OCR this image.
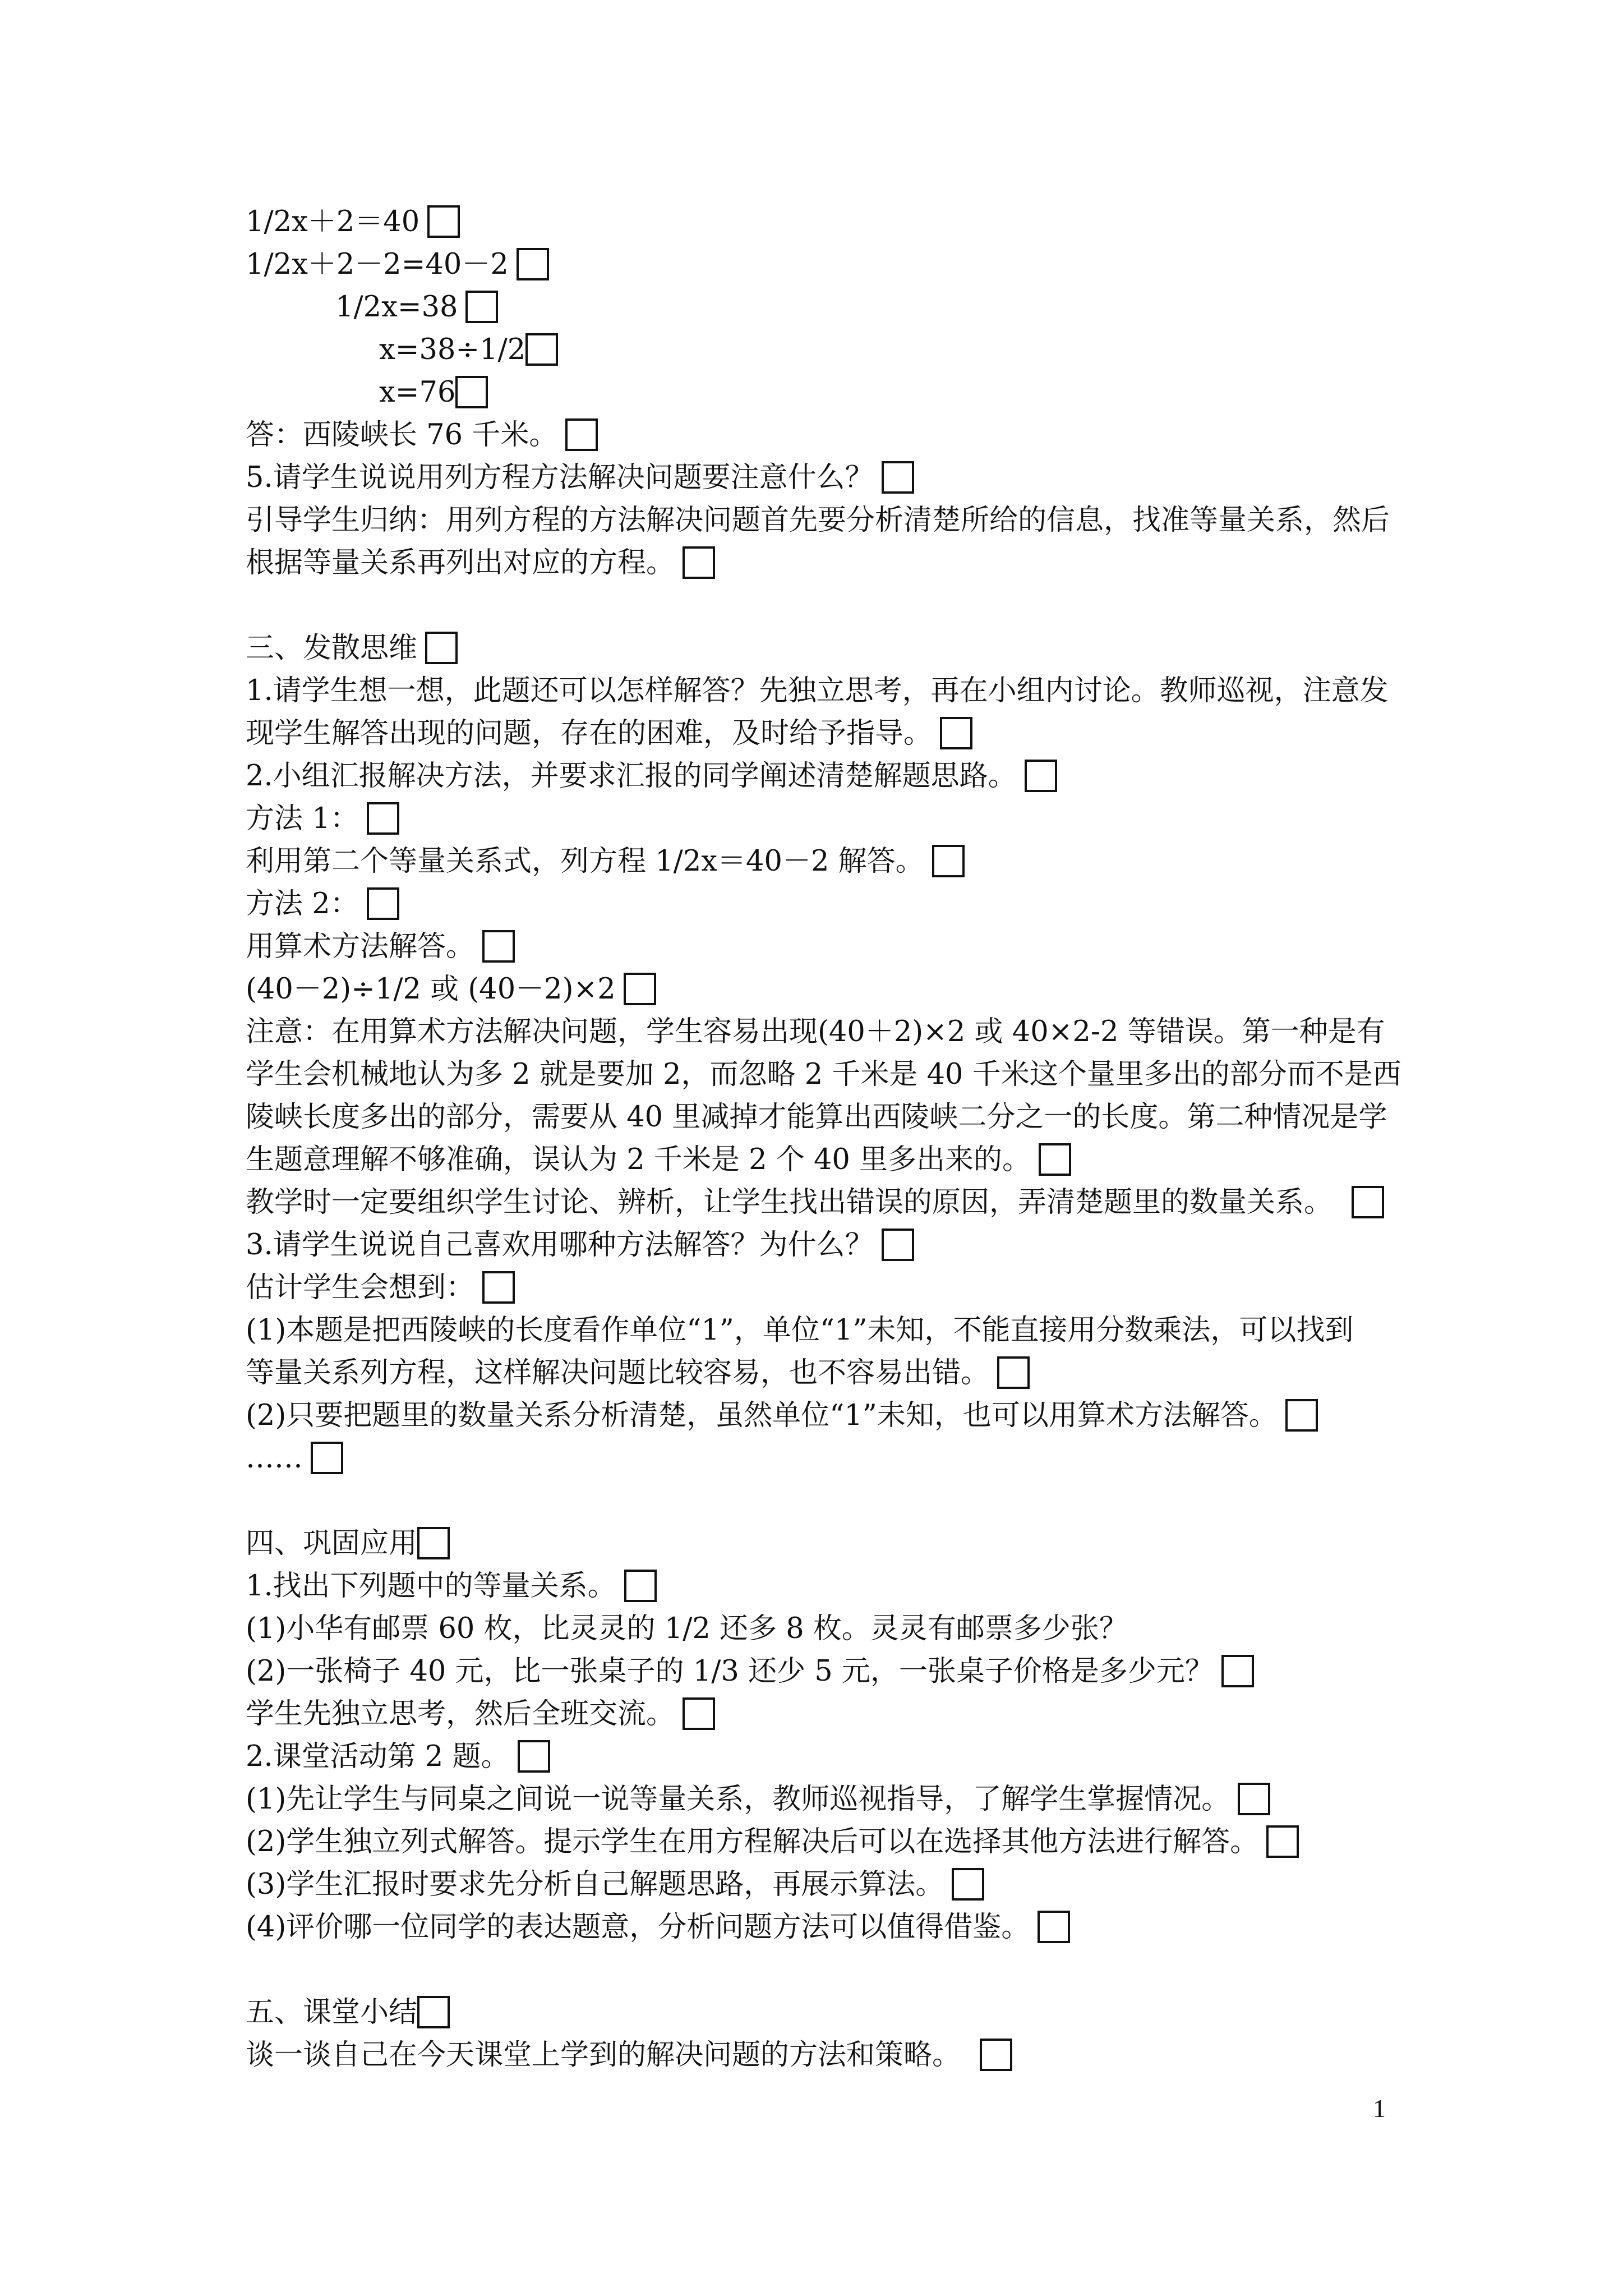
1/2x＋2＝40
1/2x＋2－2=40－2
1/2x=38
x=38÷1/2
x=76
答：西陵峡长 76 千米。
5.请学生说说用列方程方法解决问题要注意什么？
引导学生归纳：用列方程的方法解决问题首先要分析清楚所给的信息，找准等量关系，然后
根据等量关系再列出对应的方程。
三、发散思维
1.请学生想一想，此题还可以怎样解答？先独立思考，再在小组内讨论。教师巡视，注意发
现学生解答出现的问题，存在的困难，及时给予指导。
2.小组汇报解决方法，并要求汇报的同学阐述清楚解题思路。
方法 1：
利用第二个等量关系式，列方程 1/2x＝40－2 解答。
方法 2：
用算术方法解答。
(40－2)÷1/2 或 (40－2)×2
注意：在用算术方法解决问题，学生容易出现(40＋2)×2 或 40×2-2 等错误。第一种是有
学生会机械地认为多 2 就是要加 2，而忽略 2 千米是 40 千米这个量里多出的部分而不是西
陵峡长度多出的部分，需要从 40 里减掉才能算出西陵峡二分之一的长度。第二种情况是学
生题意理解不够准确，误认为 2 千米是 2 个 40 里多出来的。
教学时一定要组织学生讨论、辨析，让学生找出错误的原因，弄清楚题里的数量关系。
3.请学生说说自己喜欢用哪种方法解答？为什么？
估计学生会想到：
(1)本题是把西陵峡的长度看作单位“1”，单位“1”未知，不能直接用分数乘法，可以找到
等量关系列方程，这样解决问题比较容易，也不容易出错。
(2)只要把题里的数量关系分析清楚，虽然单位“1”未知，也可以用算术方法解答。
……
四、巩固应用
1.找出下列题中的等量关系。
(1)小华有邮票 60 枚，比灵灵的 1/2 还多 8 枚。灵灵有邮票多少张？
(2)一张椅子 40 元，比一张桌子的 1/3 还少 5 元，一张桌子价格是多少元？
学生先独立思考，然后全班交流。
2.课堂活动第 2 题。
(1)先让学生与同桌之间说一说等量关系，教师巡视指导，了解学生掌握情况。
(2)学生独立列式解答。提示学生在用方程解决后可以在选择其他方法进行解答。
(3)学生汇报时要求先分析自己解题思路，再展示算法。
(4)评价哪一位同学的表达题意，分析问题方法可以值得借鉴。
五、课堂小结
谈一谈自己在今天课堂上学到的解决问题的方法和策略。
1
